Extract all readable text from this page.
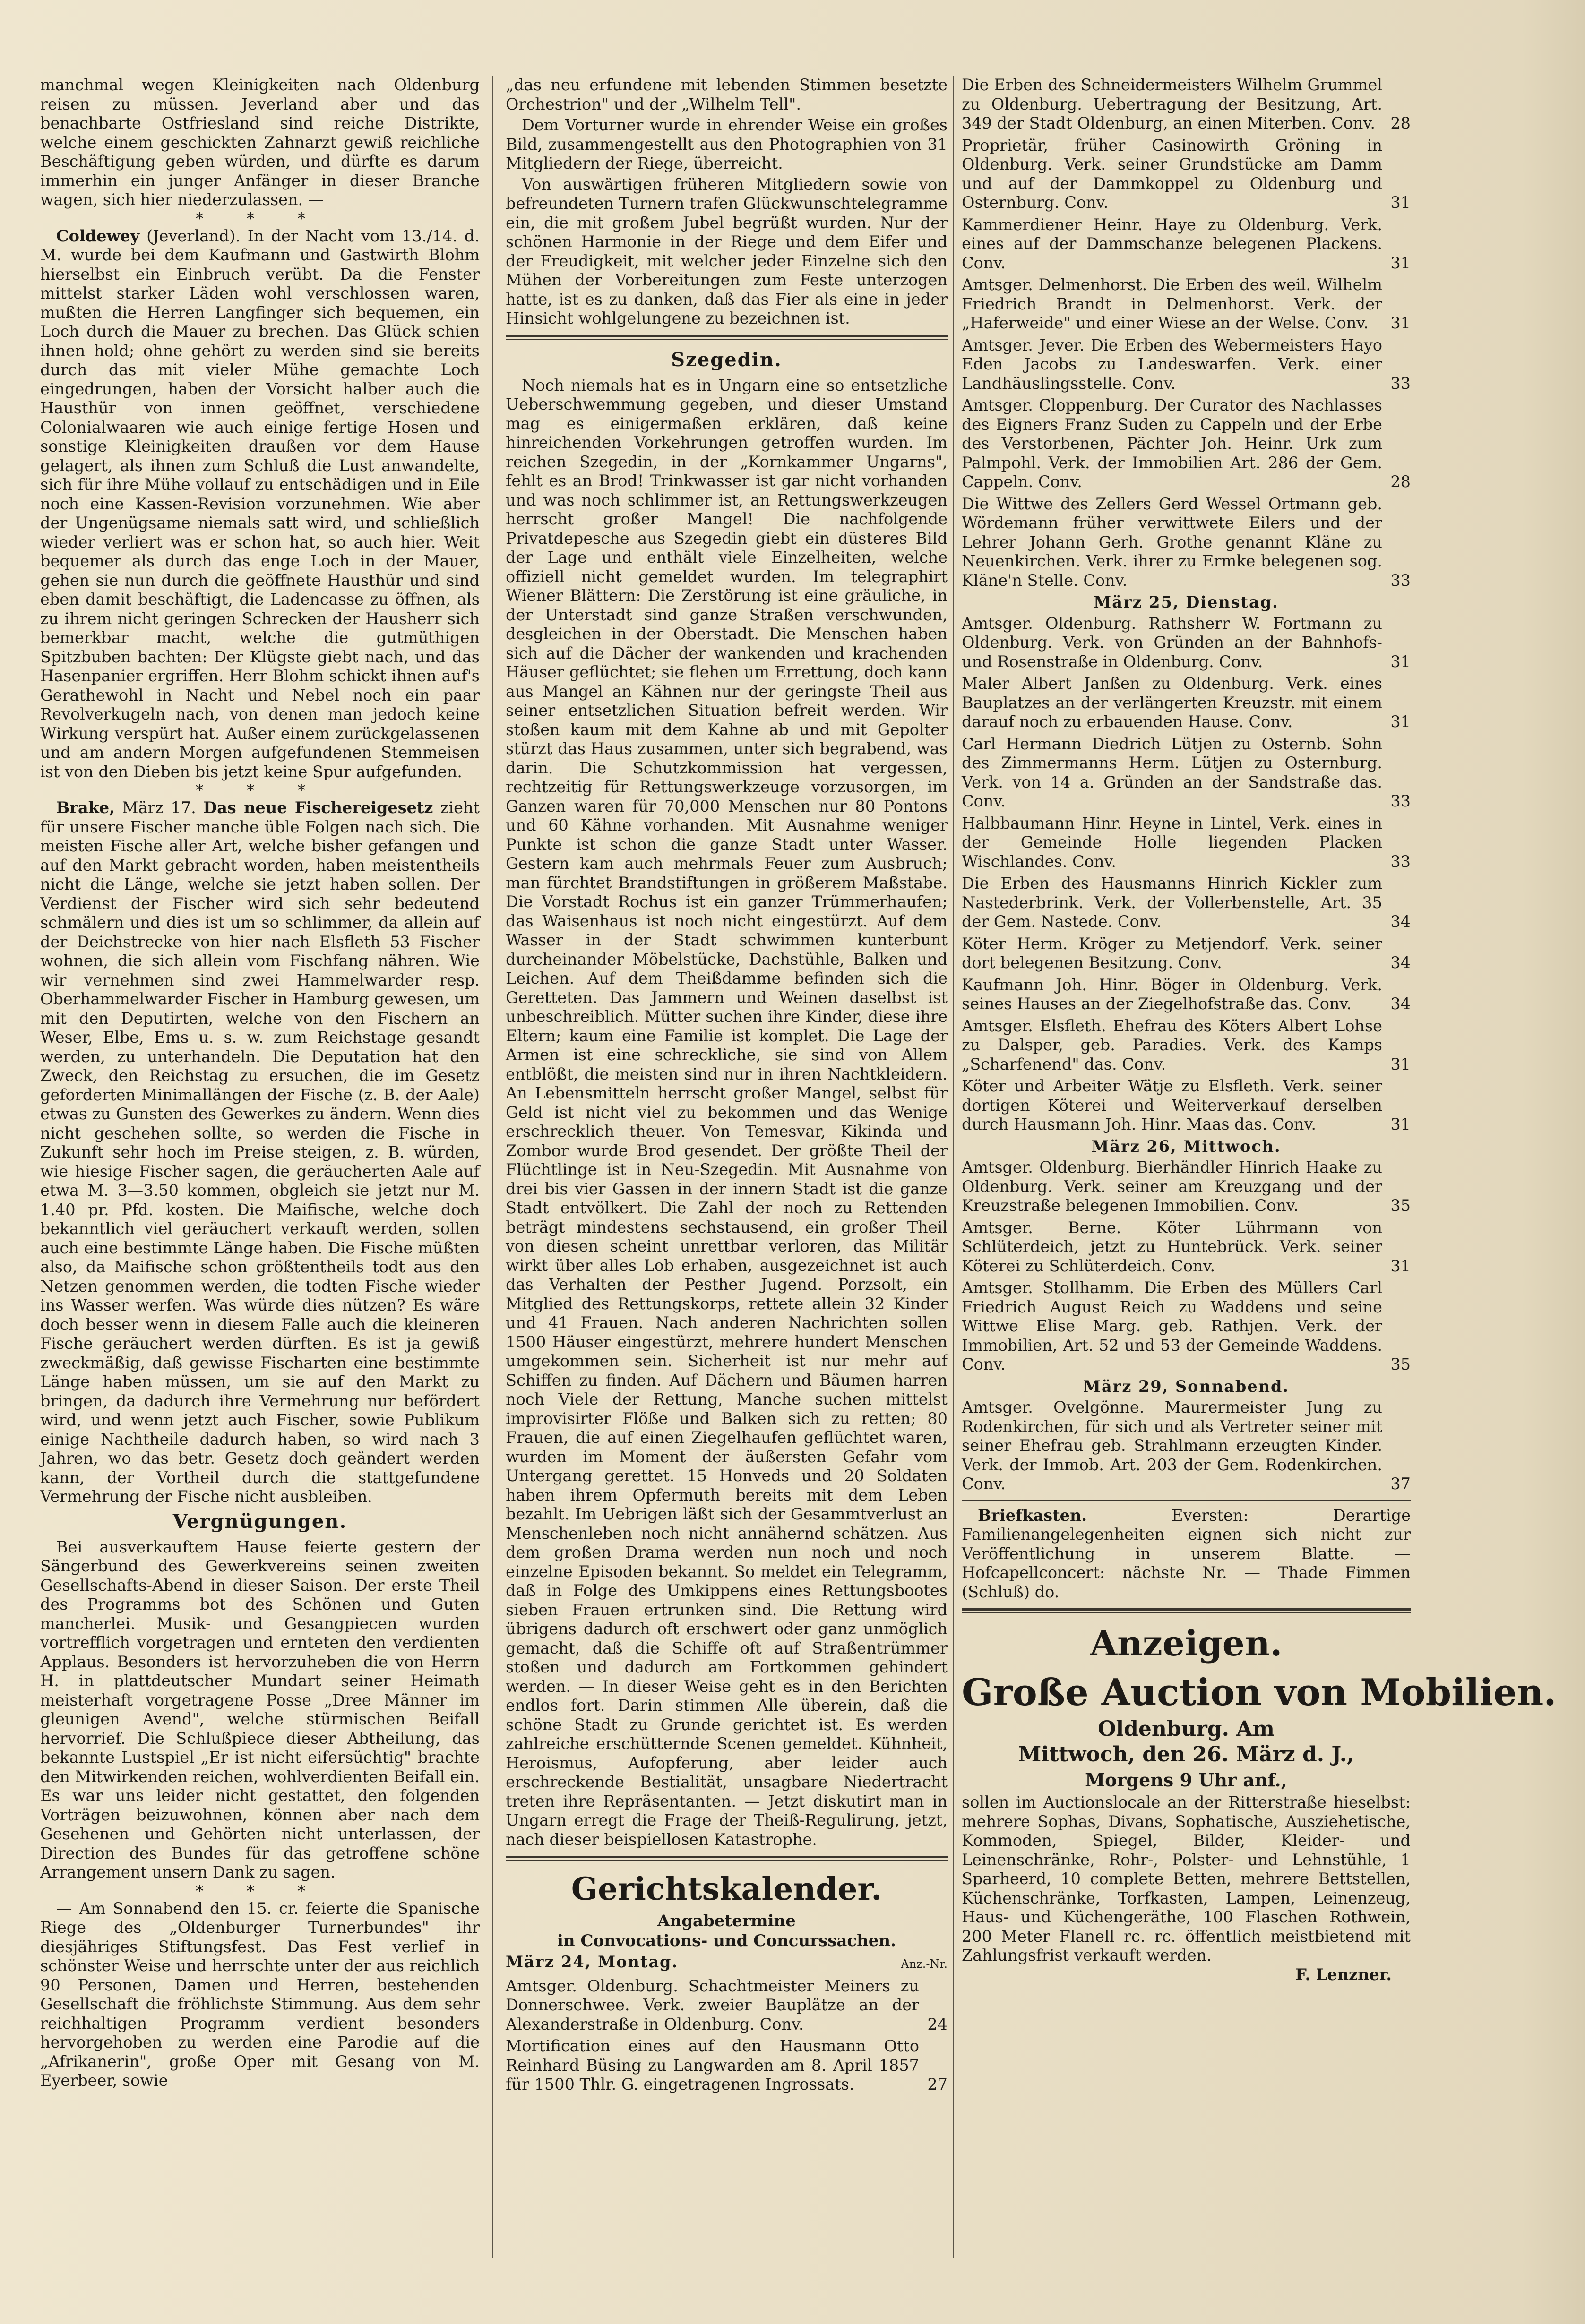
manchmal wegen Kleinigkeiten nach Oldenburg reisen zu müssen. Jeverland aber und das benachbarte Ostfriesland sind reiche Distrikte, welche einem geschickten Zahnarzt gewiß reichliche Beschäftigung geben würden, und dürfte es darum immerhin ein junger Anfänger in dieser Branche wagen, sich hier niederzulassen. —

* * *

Coldewey (Jeverland). In der Nacht vom 13./14. d. M. wurde bei dem Kaufmann und Gastwirth Blohm hierselbst ein Einbruch verübt. Da die Fenster mittelst starker Läden wohl verschlossen waren, mußten die Herren Langfinger sich bequemen, ein Loch durch die Mauer zu brechen. Das Glück schien ihnen hold; ohne gehört zu werden sind sie bereits durch das mit vieler Mühe gemachte Loch eingedrungen, haben der Vorsicht halber auch die Hausthür von innen geöffnet, verschiedene Colonialwaaren wie auch einige fertige Hosen und sonstige Kleinigkeiten draußen vor dem Hause gelagert, als ihnen zum Schluß die Lust anwandelte, sich für ihre Mühe vollauf zu entschädigen und in Eile noch eine Kassen-Revision vorzunehmen. Wie aber der Ungenügsame niemals satt wird, und schließlich wieder verliert was er schon hat, so auch hier. Weit bequemer als durch das enge Loch in der Mauer, gehen sie nun durch die geöffnete Hausthür und sind eben damit beschäftigt, die Ladencasse zu öffnen, als zu ihrem nicht geringen Schrecken der Hausherr sich bemerkbar macht, welche die gutmüthigen Spitzbuben bachten: Der Klügste giebt nach, und das Hasenpanier ergriffen. Herr Blohm schickt ihnen auf's Gerathewohl in Nacht und Nebel noch ein paar Revolverkugeln nach, von denen man jedoch keine Wirkung verspürt hat. Außer einem zurückgelassenen und am andern Morgen aufgefundenen Stemmeisen ist von den Dieben bis jetzt keine Spur aufgefunden.

* * *

Brake, März 17. Das neue Fischereigesetz zieht für unsere Fischer manche üble Folgen nach sich. Die meisten Fische aller Art, welche bisher gefangen und auf den Markt gebracht worden, haben meistentheils nicht die Länge, welche sie jetzt haben sollen. Der Verdienst der Fischer wird sich sehr bedeutend schmälern und dies ist um so schlimmer, da allein auf der Deichstrecke von hier nach Elsfleth 53 Fischer wohnen, die sich allein vom Fischfang nähren. Wie wir vernehmen sind zwei Hammelwarder resp. Oberhammelwarder Fischer in Hamburg gewesen, um mit den Deputirten, welche von den Fischern an Weser, Elbe, Ems u. s. w. zum Reichstage gesandt werden, zu unterhandeln. Die Deputation hat den Zweck, den Reichstag zu ersuchen, die im Gesetz geforderten Minimallängen der Fische (z. B. der Aale) etwas zu Gunsten des Gewerkes zu ändern. Wenn dies nicht geschehen sollte, so werden die Fische in Zukunft sehr hoch im Preise steigen, z. B. würden, wie hiesige Fischer sagen, die geräucherten Aale auf etwa M. 3—3.50 kommen, obgleich sie jetzt nur M. 1.40 pr. Pfd. kosten. Die Maifische, welche doch bekanntlich viel geräuchert verkauft werden, sollen auch eine bestimmte Länge haben. Die Fische müßten also, da Maifische schon größtentheils todt aus den Netzen genommen werden, die todten Fische wieder ins Wasser werfen. Was würde dies nützen? Es wäre doch besser wenn in diesem Falle auch die kleineren Fische geräuchert werden dürften. Es ist ja gewiß zweckmäßig, daß gewisse Fischarten eine bestimmte Länge haben müssen, um sie auf den Markt zu bringen, da dadurch ihre Vermehrung nur befördert wird, und wenn jetzt auch Fischer, sowie Publikum einige Nachtheile dadurch haben, so wird nach 3 Jahren, wo das betr. Gesetz doch geändert werden kann, der Vortheil durch die stattgefundene Vermehrung der Fische nicht ausbleiben.

Vergnügungen.

Bei ausverkauftem Hause feierte gestern der Sängerbund des Gewerkvereins seinen zweiten Gesellschafts-Abend in dieser Saison. Der erste Theil des Programms bot des Schönen und Guten mancherlei. Musik- und Gesangpiecen wurden vortrefflich vorgetragen und ernteten den verdienten Applaus. Besonders ist hervorzuheben die von Herrn H. in plattdeutscher Mundart seiner Heimath meisterhaft vorgetragene Posse „Dree Männer im gleunigen Avend", welche stürmischen Beifall hervorrief. Die Schlußpiece dieser Abtheilung, das bekannte Lustspiel „Er ist nicht eifersüchtig" brachte den Mitwirkenden reichen, wohlverdienten Beifall ein. Es war uns leider nicht gestattet, den folgenden Vorträgen beizuwohnen, können aber nach dem Gesehenen und Gehörten nicht unterlassen, der Direction des Bundes für das getroffene schöne Arrangement unsern Dank zu sagen.

* * *

— Am Sonnabend den 15. cr. feierte die Spanische Riege des „Oldenburger Turnerbundes" ihr diesjähriges Stiftungsfest. Das Fest verlief in schönster Weise und herrschte unter der aus reichlich 90 Personen, Damen und Herren, bestehenden Gesellschaft die fröhlichste Stimmung. Aus dem sehr reichhaltigen Programm verdient besonders hervorgehoben zu werden eine Parodie auf die „Afrikanerin", große Oper mit Gesang von M. Eyerbeer, sowie

„das neu erfundene mit lebenden Stimmen besetzte Orchestrion" und der „Wilhelm Tell".

Dem Vorturner wurde in ehrender Weise ein großes Bild, zusammengestellt aus den Photographien von 31 Mitgliedern der Riege, überreicht.

Von auswärtigen früheren Mitgliedern sowie von befreundeten Turnern trafen Glückwunschtelegramme ein, die mit großem Jubel begrüßt wurden. Nur der schönen Harmonie in der Riege und dem Eifer und der Freudigkeit, mit welcher jeder Einzelne sich den Mühen der Vorbereitungen zum Feste unterzogen hatte, ist es zu danken, daß das Fier als eine in jeder Hinsicht wohlgelungene zu bezeichnen ist.

Szegedin.

Noch niemals hat es in Ungarn eine so entsetzliche Ueberschwemmung gegeben, und dieser Umstand mag es einigermaßen erklären, daß keine hinreichenden Vorkehrungen getroffen wurden. Im reichen Szegedin, in der „Kornkammer Ungarns", fehlt es an Brod! Trinkwasser ist gar nicht vorhanden und was noch schlimmer ist, an Rettungswerkzeugen herrscht großer Mangel! Die nachfolgende Privatdepesche aus Szegedin giebt ein düsteres Bild der Lage und enthält viele Einzelheiten, welche offiziell nicht gemeldet wurden. Im telegraphirt Wiener Blättern: Die Zerstörung ist eine gräuliche, in der Unterstadt sind ganze Straßen verschwunden, desgleichen in der Oberstadt. Die Menschen haben sich auf die Dächer der wankenden und krachenden Häuser geflüchtet; sie flehen um Errettung, doch kann aus Mangel an Kähnen nur der geringste Theil aus seiner entsetzlichen Situation befreit werden. Wir stoßen kaum mit dem Kahne ab und mit Gepolter stürzt das Haus zusammen, unter sich begrabend, was darin. Die Schutzkommission hat vergessen, rechtzeitig für Rettungswerkzeuge vorzusorgen, im Ganzen waren für 70,000 Menschen nur 80 Pontons und 60 Kähne vorhanden. Mit Ausnahme weniger Punkte ist schon die ganze Stadt unter Wasser. Gestern kam auch mehrmals Feuer zum Ausbruch; man fürchtet Brandstiftungen in größerem Maßstabe. Die Vorstadt Rochus ist ein ganzer Trümmerhaufen; das Waisenhaus ist noch nicht eingestürzt. Auf dem Wasser in der Stadt schwimmen kunterbunt durcheinander Möbelstücke, Dachstühle, Balken und Leichen. Auf dem Theißdamme befinden sich die Geretteten. Das Jammern und Weinen daselbst ist unbeschreiblich. Mütter suchen ihre Kinder, diese ihre Eltern; kaum eine Familie ist komplet. Die Lage der Armen ist eine schreckliche, sie sind von Allem entblößt, die meisten sind nur in ihren Nachtkleidern. An Lebensmitteln herrscht großer Mangel, selbst für Geld ist nicht viel zu bekommen und das Wenige erschrecklich theuer. Von Temesvar, Kikinda und Zombor wurde Brod gesendet. Der größte Theil der Flüchtlinge ist in Neu-Szegedin. Mit Ausnahme von drei bis vier Gassen in der innern Stadt ist die ganze Stadt entvölkert. Die Zahl der noch zu Rettenden beträgt mindestens sechstausend, ein großer Theil von diesen scheint unrettbar verloren, das Militär wirkt über alles Lob erhaben, ausgezeichnet ist auch das Verhalten der Pesther Jugend. Porzsolt, ein Mitglied des Rettungskorps, rettete allein 32 Kinder und 41 Frauen. Nach anderen Nachrichten sollen 1500 Häuser eingestürzt, mehrere hundert Menschen umgekommen sein. Sicherheit ist nur mehr auf Schiffen zu finden. Auf Dächern und Bäumen harren noch Viele der Rettung, Manche suchen mittelst improvisirter Flöße und Balken sich zu retten; 80 Frauen, die auf einen Ziegelhaufen geflüchtet waren, wurden im Moment der äußersten Gefahr vom Untergang gerettet. 15 Honveds und 20 Soldaten haben ihrem Opfermuth bereits mit dem Leben bezahlt. Im Uebrigen läßt sich der Gesammtverlust an Menschenleben noch nicht annähernd schätzen. Aus dem großen Drama werden nun noch und noch einzelne Episoden bekannt. So meldet ein Telegramm, daß in Folge des Umkippens eines Rettungsbootes sieben Frauen ertrunken sind. Die Rettung wird übrigens dadurch oft erschwert oder ganz unmöglich gemacht, daß die Schiffe oft auf Straßentrümmer stoßen und dadurch am Fortkommen gehindert werden. — In dieser Weise geht es in den Berichten endlos fort. Darin stimmen Alle überein, daß die schöne Stadt zu Grunde gerichtet ist. Es werden zahlreiche erschütternde Scenen gemeldet. Kühnheit, Heroismus, Aufopferung, aber leider auch erschreckende Bestialität, unsagbare Niedertracht treten ihre Repräsentanten. — Jetzt diskutirt man in Ungarn erregt die Frage der Theiß-Regulirung, jetzt, nach dieser beispiellosen Katastrophe.

Gerichtskalender.
Angabetermine
in Convocations- und Concurssachen.
März 24, Montag.	Anz.-Nr.
Amtsger. Oldenburg. Schachtmeister Meiners zu Donnerschwee. Verk. zweier Bauplätze an der Alexanderstraße in Oldenburg. Conv.	24
Mortification eines auf den Hausmann Otto Reinhard Büsing zu Langwarden am 8. April 1857 für 1500 Thlr. G. eingetragenen Ingrossats.	27
Die Erben des Schneidermeisters Wilhelm Grummel zu Oldenburg. Uebertragung der Besitzung, Art. 349 der Stadt Oldenburg, an einen Miterben. Conv. 28
Proprietär, früher Casinowirth Gröning in Oldenburg. Verk. seiner Grundstücke am Damm und auf der Dammkoppel zu Oldenburg und Osternburg. Conv.	31
Kammerdiener Heinr. Haye zu Oldenburg. Verk. eines auf der Dammschanze belegenen Plackens. Conv.	31
Amtsger. Delmenhorst. Die Erben des weil. Wilhelm Friedrich Brandt in Delmenhorst. Verk. der „Haferweide" und einer Wiese an der Welse. Conv.	31
Amtsger. Jever. Die Erben des Webermeisters Hayo Eden Jacobs zu Landeswarfen. Verk. einer Landhäuslingsstelle. Conv.	33
Amtsger. Cloppenburg. Der Curator des Nachlasses des Eigners Franz Suden zu Cappeln und der Erbe des Verstorbenen, Pächter Joh. Heinr. Urk zum Palmpohl. Verk. der Immobilien Art. 286 der Gem. Cappeln. Conv.	28
Die Wittwe des Zellers Gerd Wessel Ortmann geb. Wördemann früher verwittwete Eilers und der Lehrer Johann Gerh. Grothe genannt Kläne zu Neuenkirchen. Verk. ihrer zu Ermke belegenen sog. Kläne'n Stelle. Conv.	33
März 25, Dienstag.
Amtsger. Oldenburg. Rathsherr W. Fortmann zu Oldenburg. Verk. von Gründen an der Bahnhofs- und Rosenstraße in Oldenburg. Conv.	31
Maler Albert Janßen zu Oldenburg. Verk. eines Bauplatzes an der verlängerten Kreuzstr. mit einem darauf noch zu erbauenden Hause. Conv.	31
Carl Hermann Diedrich Lütjen zu Osternb. Sohn des Zimmermanns Herm. Lütjen zu Osternburg. Verk. von 14 a. Gründen an der Sandstraße das. Conv.	33
Halbbaumann Hinr. Heyne in Lintel, Verk. eines in der Gemeinde Holle liegenden Placken Wischlandes. Conv.	33
Die Erben des Hausmanns Hinrich Kickler zum Nastederbrink. Verk. der Vollerbenstelle, Art. 35 der Gem. Nastede. Conv.	34
Köter Herm. Kröger zu Metjendorf. Verk. seiner dort belegenen Besitzung. Conv.	34
Kaufmann Joh. Hinr. Böger in Oldenburg. Verk. seines Hauses an der Ziegelhofstraße das. Conv.	34
Amtsger. Elsfleth. Ehefrau des Köters Albert Lohse zu Dalsper, geb. Paradies. Verk. des Kamps „Scharfenend" das. Conv.	31
Köter und Arbeiter Wätje zu Elsfleth. Verk. seiner dortigen Köterei und Weiterverkauf derselben durch Hausmann Joh. Hinr. Maas das. Conv.	31
März 26, Mittwoch.
Amtsger. Oldenburg. Bierhändler Hinrich Haake zu Oldenburg. Verk. seiner am Kreuzgang und der Kreuzstraße belegenen Immobilien. Conv.	35
Amtsger. Berne. Köter Lührmann von Schlüterdeich, jetzt zu Huntebrück. Verk. seiner Köterei zu Schlüterdeich. Conv.	31
Amtsger. Stollhamm. Die Erben des Müllers Carl Friedrich August Reich zu Waddens und seine Wittwe Elise Marg. geb. Rathjen. Verk. der Immobilien, Art. 52 und 53 der Gemeinde Waddens. Conv.	35
März 29, Sonnabend.
Amtsger. Ovelgönne. Maurermeister Jung zu Rodenkirchen, für sich und als Vertreter seiner mit seiner Ehefrau geb. Strahlmann erzeugten Kinder. Verk. der Immob. Art. 203 der Gem. Rodenkirchen. Conv.	37

Briefkasten. Eversten: Derartige Familienangelegenheiten eignen sich nicht zur Veröffentlichung in unserem Blatte. — Hofcapellconcert: nächste Nr. — Thade Fimmen (Schluß) do.

Anzeigen.
Große Auction von Mobilien.
Oldenburg. Am
Mittwoch, den 26. März d. J.,
Morgens 9 Uhr anf.,
sollen im Auctionslocale an der Ritterstraße hieselbst: mehrere Sophas, Divans, Sophatische, Ausziehetische, Kommoden, Spiegel, Bilder, Kleider- und Leinenschränke, Rohr-, Polster- und Lehnstühle, 1 Sparheerd, 10 complete Betten, mehrere Bettstellen, Küchenschränke, Torfkasten, Lampen, Leinenzeug, Haus- und Küchengeräthe, 100 Flaschen Rothwein, 200 Meter Flanell rc. rc. öffentlich meistbietend mit Zahlungsfrist verkauft werden.
F. Lenzner.
